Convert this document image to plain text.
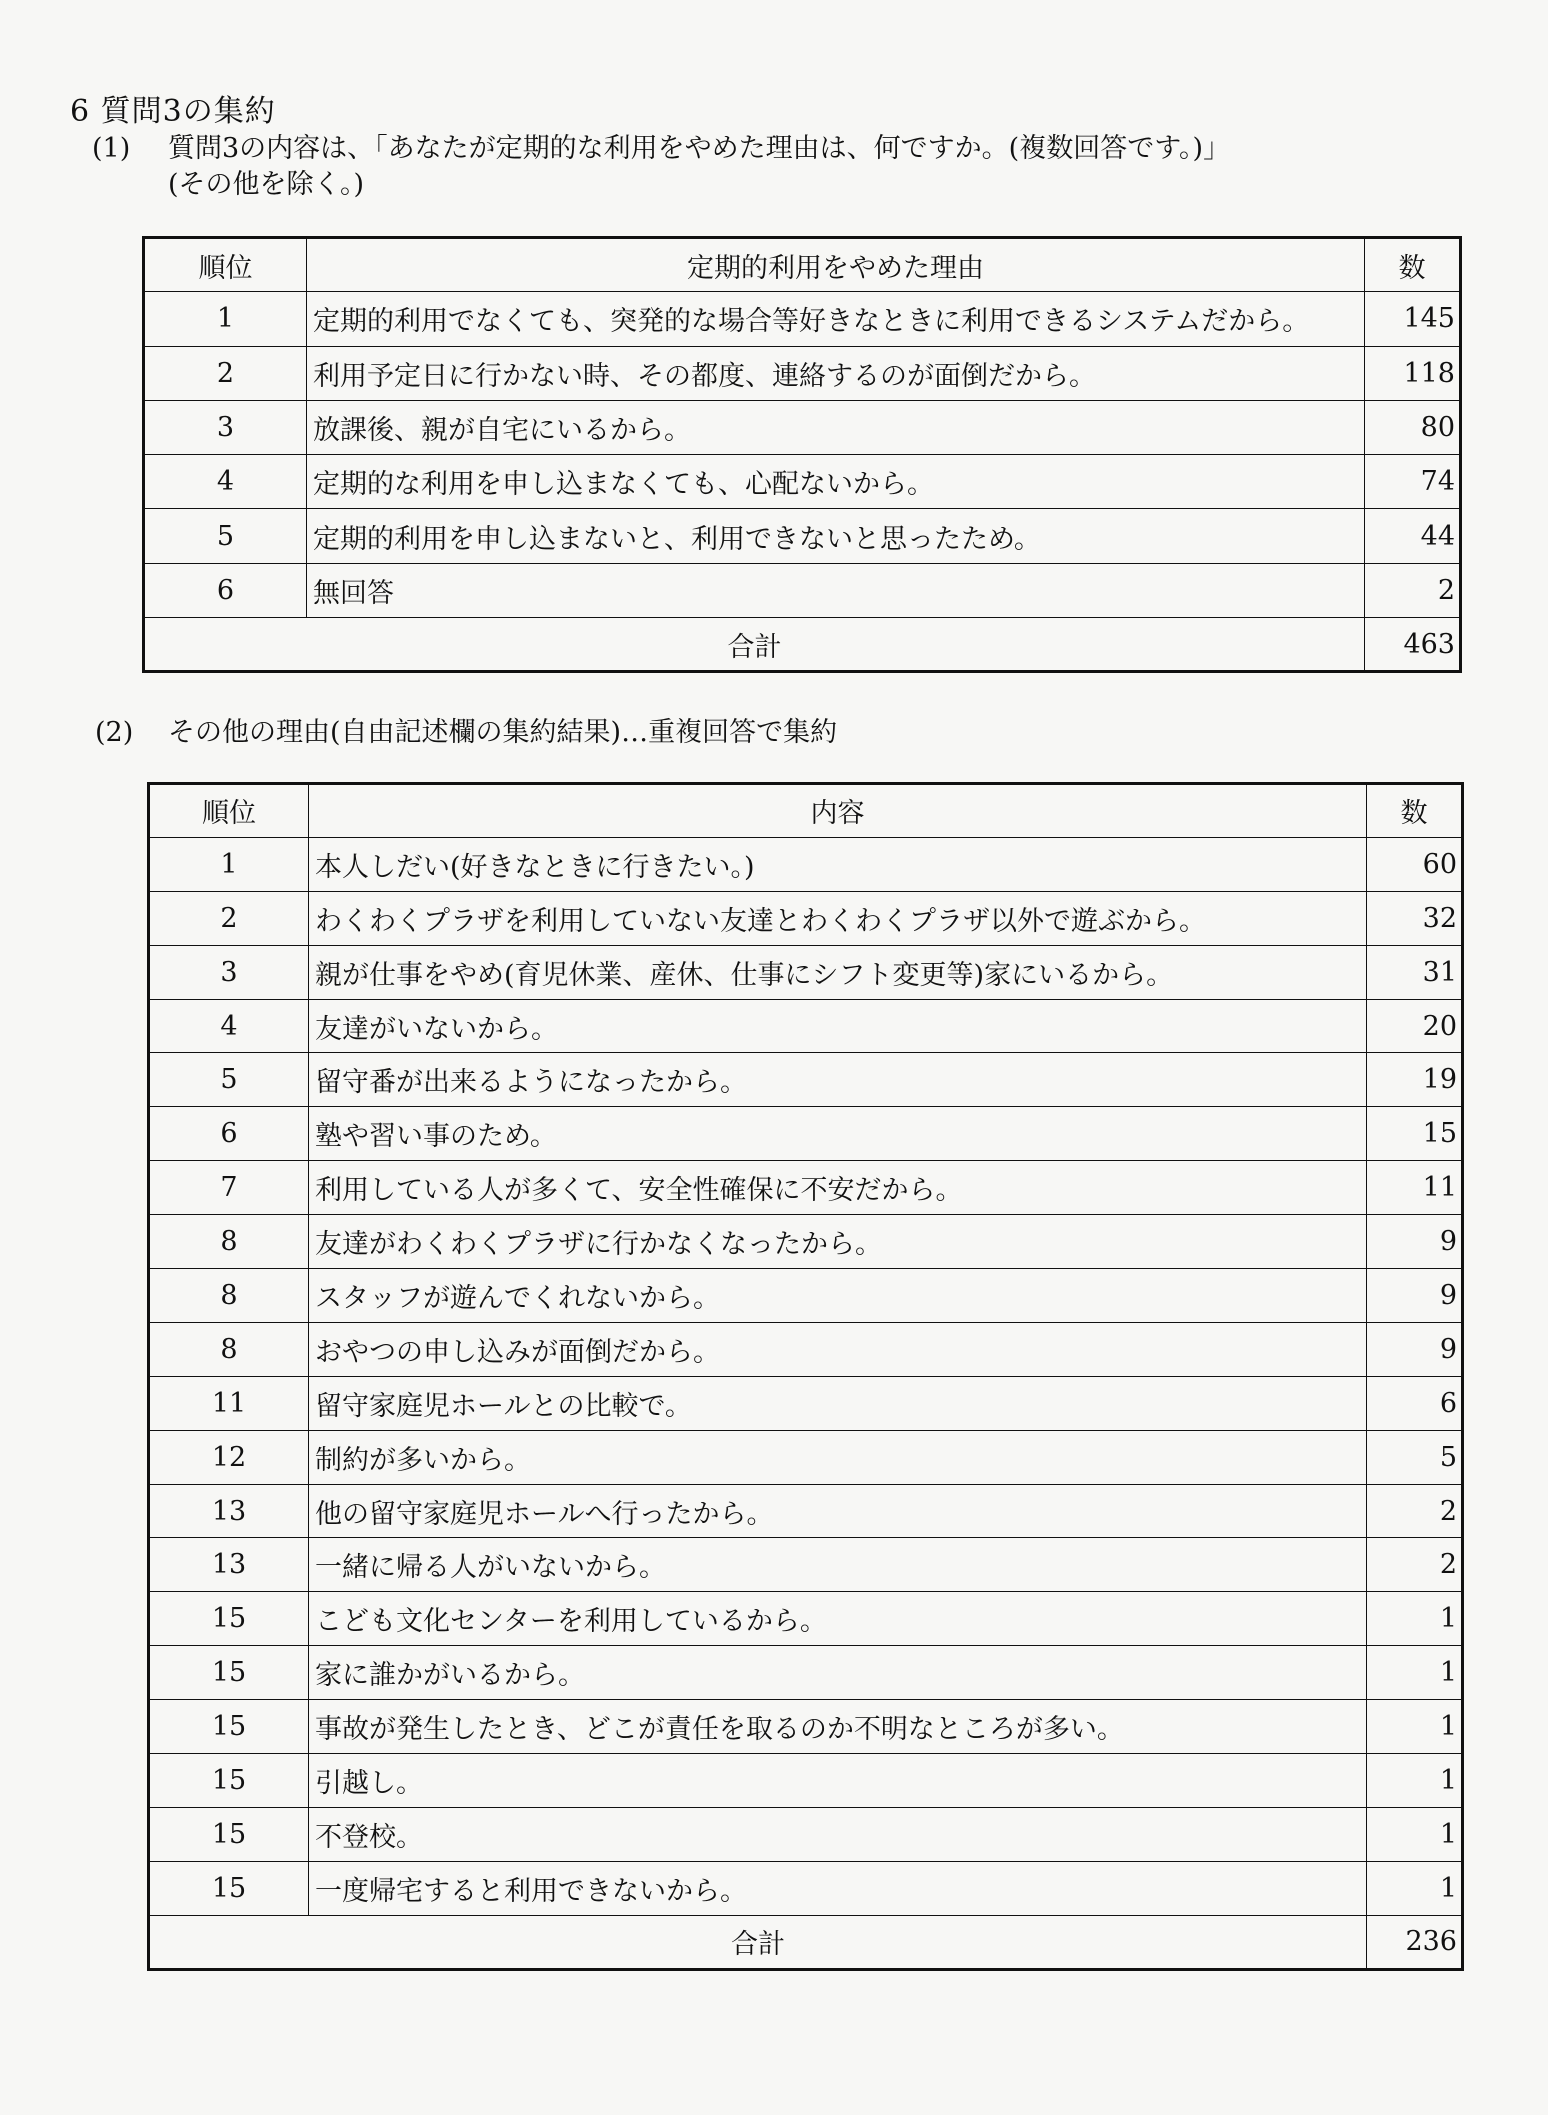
6 質問3の集約
(1) 質問3の内容は、「あなたが定期的な利用をやめた理由は、何ですか。(複数回答です。)」
(その他を除く。)
順位	定期的利用をやめた理由	数
1	定期的利用でなくても、突発的な場合等好きなときに利用できるシステムだから。	145
2	利用予定日に行かない時、その都度、連絡するのが面倒だから。	118
3	放課後、親が自宅にいるから。	80
4	定期的な利用を申し込まなくても、心配ないから。	74
5	定期的利用を申し込まないと、利用できないと思ったため。	44
6	無回答	2
合計		463
(2) その他の理由(自由記述欄の集約結果)…重複回答で集約
順位	内容	数
1	本人しだい(好きなときに行きたい。)	60
2	わくわくプラザを利用していない友達とわくわくプラザ以外で遊ぶから。	32
3	親が仕事をやめ(育児休業、産休、仕事にシフト変更等)家にいるから。	31
4	友達がいないから。	20
5	留守番が出来るようになったから。	19
6	塾や習い事のため。	15
7	利用している人が多くて、安全性確保に不安だから。	11
8	友達がわくわくプラザに行かなくなったから。	9
8	スタッフが遊んでくれないから。	9
8	おやつの申し込みが面倒だから。	9
11	留守家庭児ホールとの比較で。	6
12	制約が多いから。	5
13	他の留守家庭児ホールへ行ったから。	2
13	一緒に帰る人がいないから。	2
15	こども文化センターを利用しているから。	1
15	家に誰かがいるから。	1
15	事故が発生したとき、どこが責任を取るのか不明なところが多い。	1
15	引越し。	1
15	不登校。	1
15	一度帰宅すると利用できないから。	1
合計		236
